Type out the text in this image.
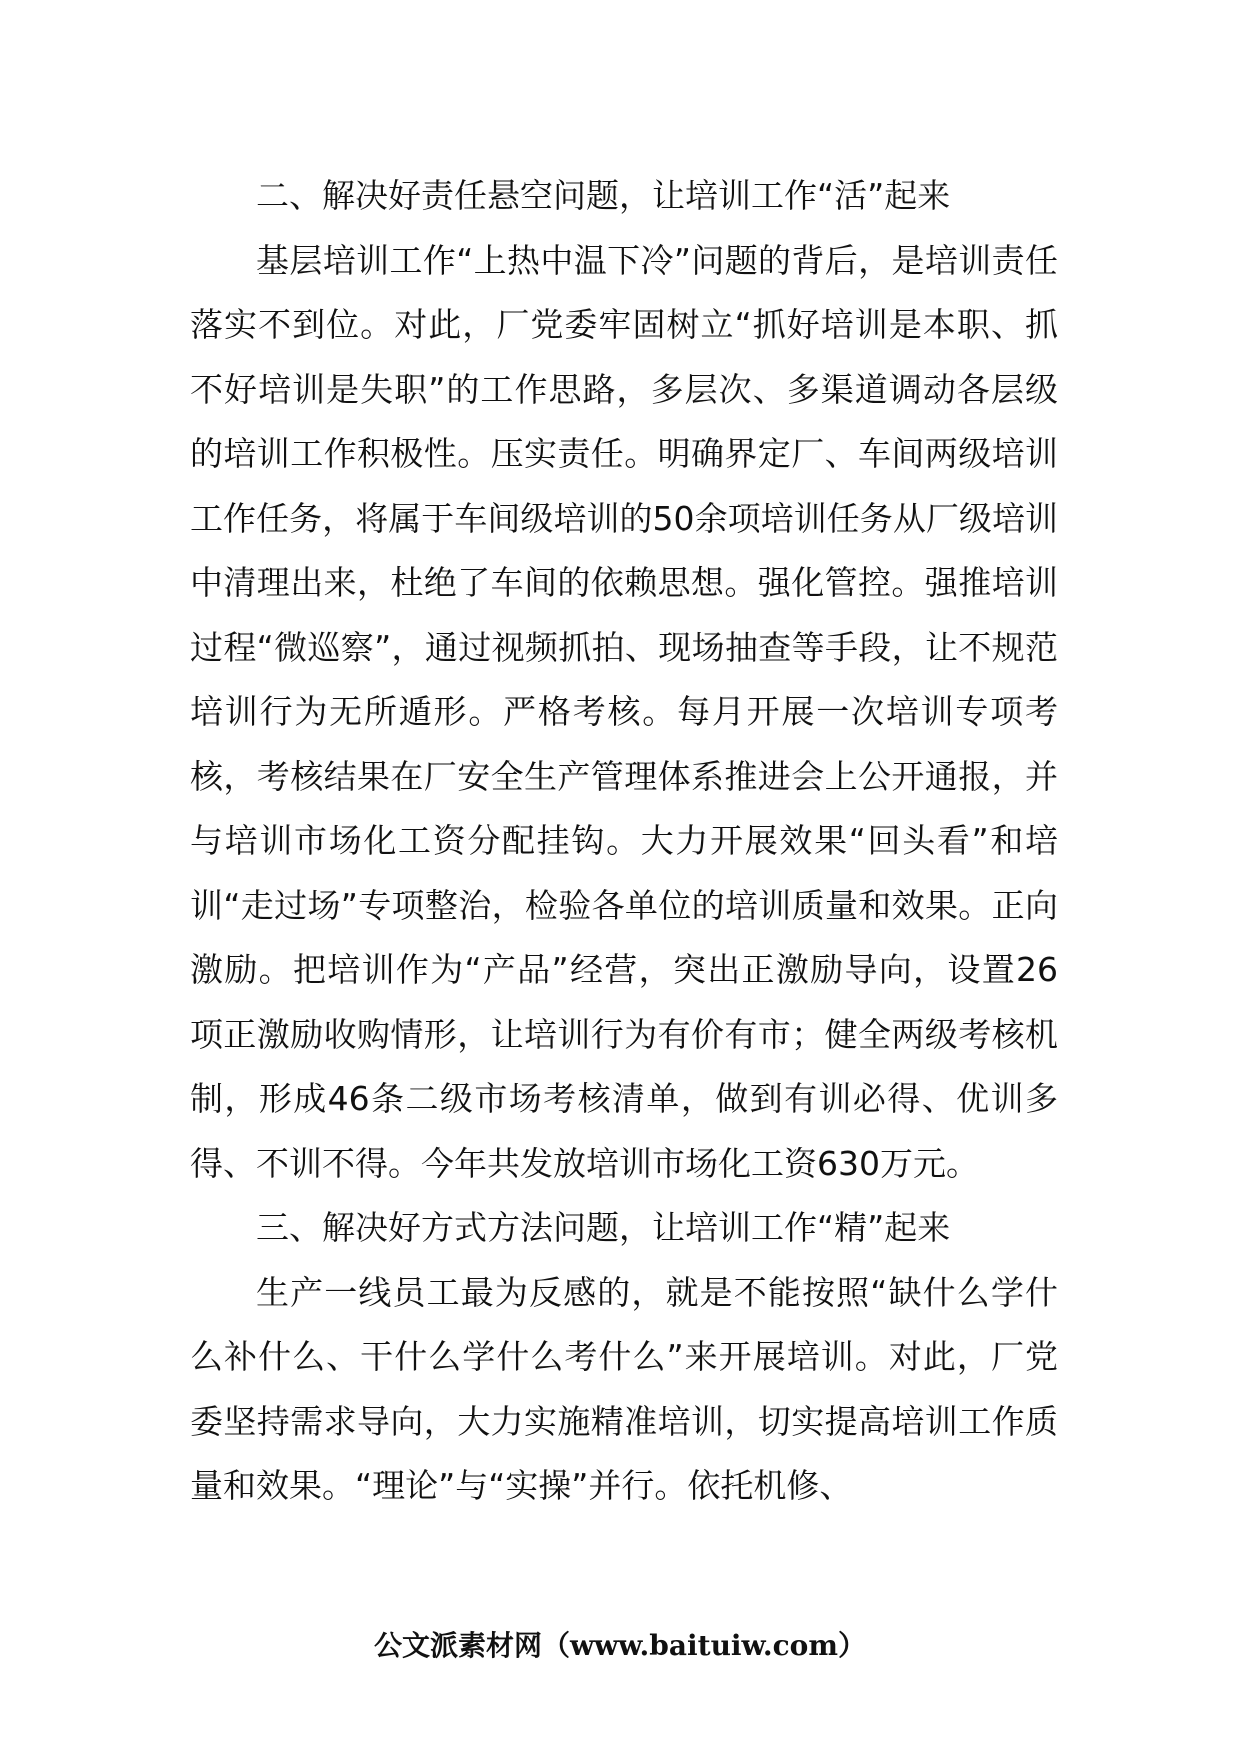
二、解决好责任悬空问题，让培训工作“活”起来

基层培训工作“上热中温下冷”问题的背后，是培训责任落实不到位。对此，厂党委牢固树立“抓好培训是本职、抓不好培训是失职”的工作思路，多层次、多渠道调动各层级的培训工作积极性。压实责任。明确界定厂、车间两级培训工作任务，将属于车间级培训的50余项培训任务从厂级培训中清理出来，杜绝了车间的依赖思想。强化管控。强推培训过程“微巡察”，通过视频抓拍、现场抽查等手段，让不规范培训行为无所遁形。严格考核。每月开展一次培训专项考核，考核结果在厂安全生产管理体系推进会上公开通报，并与培训市场化工资分配挂钩。大力开展效果“回头看”和培训“走过场”专项整治，检验各单位的培训质量和效果。正向激励。把培训作为“产品”经营，突出正激励导向，设置26项正激励收购情形，让培训行为有价有市；健全两级考核机制，形成46条二级市场考核清单，做到有训必得、优训多得、不训不得。今年共发放培训市场化工资630万元。

三、解决好方式方法问题，让培训工作“精”起来

生产一线员工最为反感的，就是不能按照“缺什么学什么补什么、干什么学什么考什么”来开展培训。对此，厂党委坚持需求导向，大力实施精准培训，切实提高培训工作质量和效果。“理论”与“实操”并行。依托机修、

公文派素材网（www.baituiw.com）
